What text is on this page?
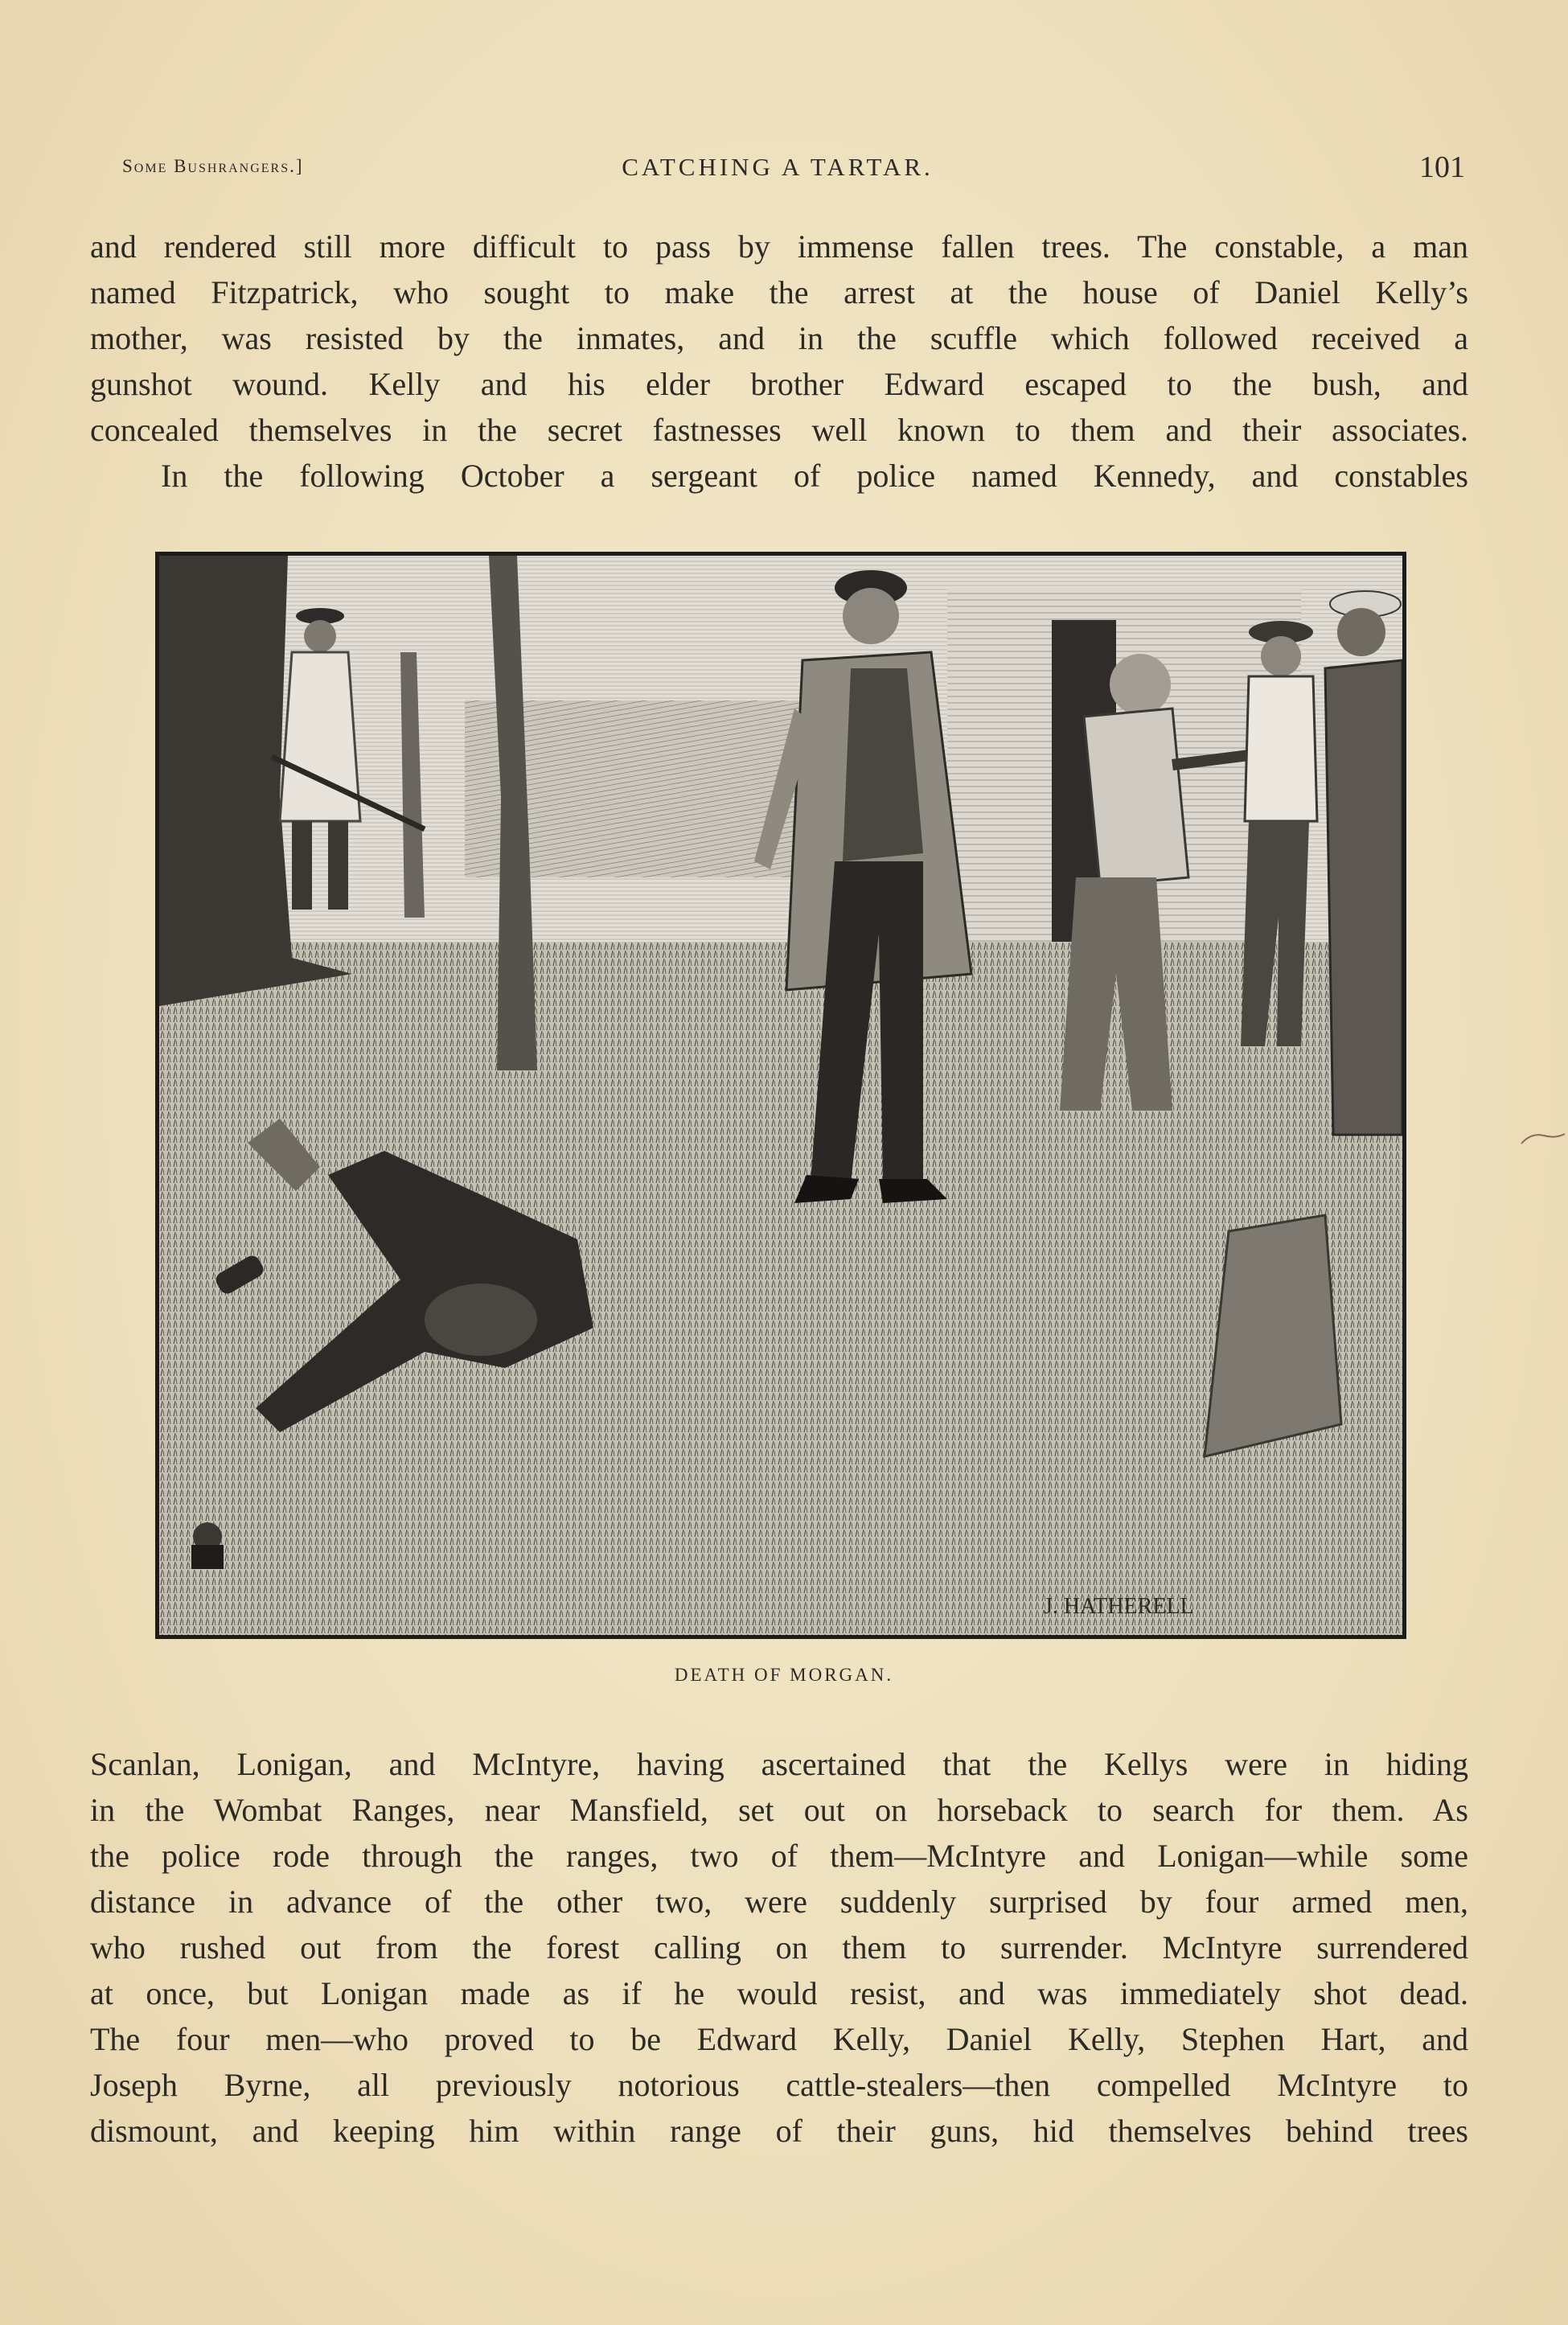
Some Bushrangers.]	CATCHING A TARTAR.	101
and rendered still more difficult to pass by immense fallen trees. The constable, a man
named Fitzpatrick, who sought to make the arrest at the house of Daniel Kelly’s
mother, was resisted by the inmates, and in the scuffle which followed received a
gunshot wound. Kelly and his elder brother Edward escaped to the bush, and
concealed themselves in the secret fastnesses well known to them and their associates.
In the following October a sergeant of police named Kennedy, and constables
J. HATHERELL
DEATH OF MORGAN.
Scanlan, Lonigan, and McIntyre, having ascertained that the Kellys were in hiding
in the Wombat Ranges, near Mansfield, set out on horseback to search for them. As
the police rode through the ranges, two of them—McIntyre and Lonigan—while some
distance in advance of the other two, were suddenly surprised by four armed men,
who rushed out from the forest calling on them to surrender. McIntyre surrendered
at once, but Lonigan made as if he would resist, and was immediately shot dead.
The four men—who proved to be Edward Kelly, Daniel Kelly, Stephen Hart, and
Joseph Byrne, all previously notorious cattle-stealers—then compelled McIntyre to
dismount, and keeping him within range of their guns, hid themselves behind trees
